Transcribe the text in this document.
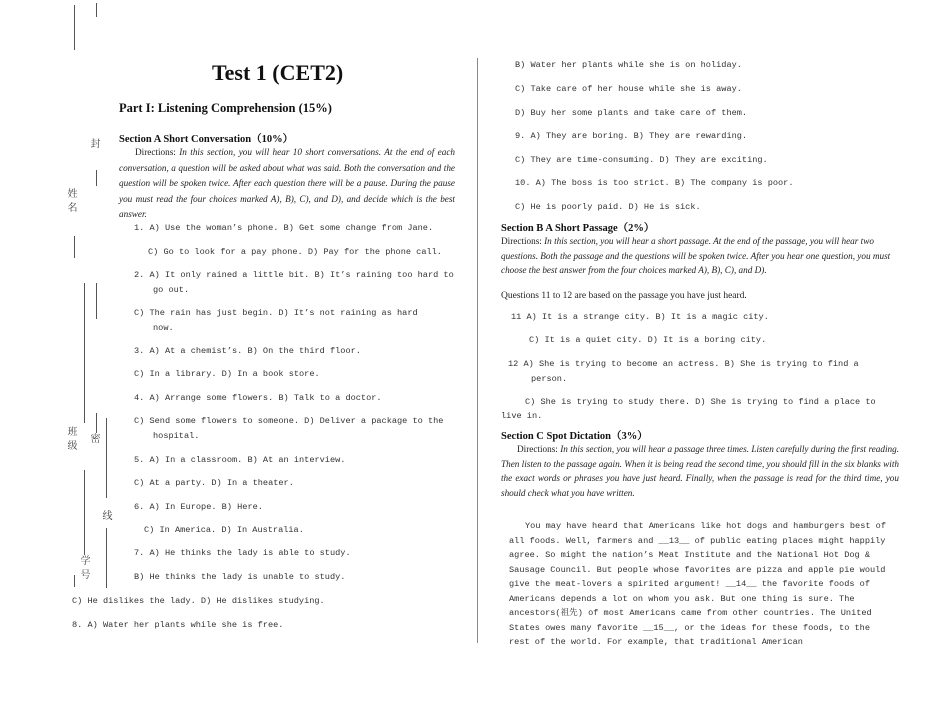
封
姓名
班级 密
线
学号
Test 1 (CET2)
Part I: Listening Comprehension (15%)
Section A Short Conversation（10%）
Directions: In this section, you will hear 10 short conversations. At the end of each conversation, a question will be asked about what was said. Both the conversation and the question will be spoken twice. After each question there will be a pause. During the pause you must read the four choices marked A), B), C), and D), and decide which is the best answer.
1. A) Use the woman’s phone. B) Get some change from Jane.
C) Go to look for a pay phone. D) Pay for the phone call.
2. A) It only rained a little bit. B) It’s raining too hard to
go out.
C) The rain has just begin. D) It’s not raining as hard
now.
3. A) At a chemist’s. B) On the third floor.
C) In a library. D) In a book store.
4. A) Arrange some flowers. B) Talk to a doctor.
C) Send some flowers to someone. D) Deliver a package to the
hospital.
5. A) In a classroom. B) At an interview.
C) At a party. D) In a theater.
6. A) In Europe. B) Here.
C) In America. D) In Australia.
7. A) He thinks the lady is able to study.
B) He thinks the lady is unable to study.
C) He dislikes the lady. D) He dislikes studying.
8. A) Water her plants while she is free.
B) Water her plants while she is on holiday.
C) Take care of her house while she is away.
D) Buy her some plants and take care of them.
9. A) They are boring. B) They are rewarding.
C) They are time-consuming. D) They are exciting.
10. A) The boss is too strict. B) The company is poor.
C) He is poorly paid. D) He is sick.
Section B A Short Passage（2%）
Directions: In this section, you will hear a short passage. At the end of the passage, you will hear two questions. Both the passage and the questions will be spoken twice. After you hear one question, you must choose the best answer from the four choices marked A), B), C), and D).
Questions 11 to 12 are based on the passage you have just heard.
11 A) It is a strange city. B) It is a magic city.
C) It is a quiet city. D) It is a boring city.
12 A) She is trying to become an actress. B) She is trying to find a
person.
C) She is trying to study there. D) She is trying to find a place to
live in.
Section C Spot Dictation（3%）
Directions: In this section, you will hear a passage three times. Listen carefully during the first reading. Then listen to the passage again. When it is being read the second time, you should fill in the six blanks with the exact words or phrases you have just heard. Finally, when the passage is read for the third time, you should check what you have written.
You may have heard that Americans like hot dogs and hamburgers best of all foods. Well, farmers and __13__ of public eating places might happily agree. So might the nation’s Meat Institute and the National Hot Dog & Sausage Council. But people whose favorites are pizza and apple pie would give the meat-lovers a spirited argument! __14__ the favorite foods of Americans depends a lot on whom you ask. But one thing is sure. The ancestors(祖先) of most Americans came from other countries. The United States owes many favorite __15__, or the ideas for these foods, to the rest of the world. For example, that traditional American
